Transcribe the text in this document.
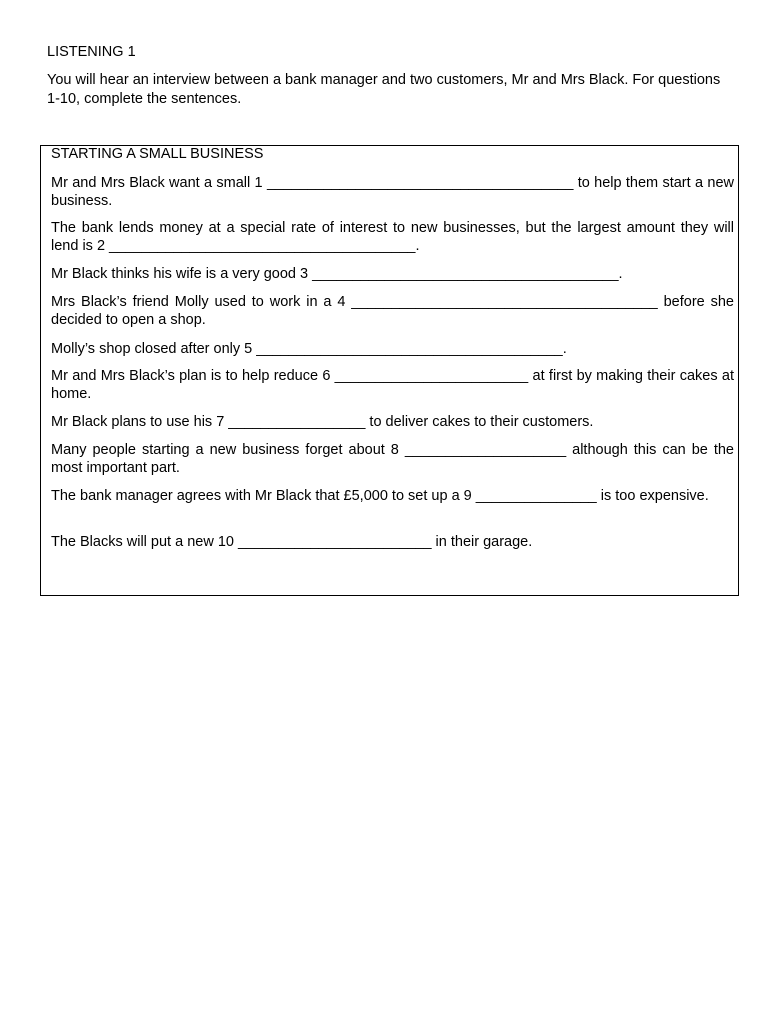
LISTENING 1

You will hear an interview between a bank manager and two customers, Mr and Mrs Black. For questions 1-10, complete the sentences.

STARTING A SMALL BUSINESS

Mr and Mrs Black want a small 1 ______________________________________ to help them start a new business.

The bank lends money at a special rate of interest to new businesses, but the largest amount they will lend is 2 ______________________________________.

Mr Black thinks his wife is a very good 3 ______________________________________.

Mrs Black’s friend Molly used to work in a 4 ______________________________________ before she decided to open a shop.

Molly’s shop closed after only 5 ______________________________________.

Mr and Mrs Black’s plan is to help reduce 6 ________________________ at first by making their cakes at home.

Mr Black plans to use his 7 _________________ to deliver cakes to their customers.

Many people starting a new business forget about 8 ____________________ although this can be the most important part.

The bank manager agrees with Mr Black that £5,000 to set up a 9 _______________ is too expensive.

The Blacks will put a new 10 ________________________ in their garage.
